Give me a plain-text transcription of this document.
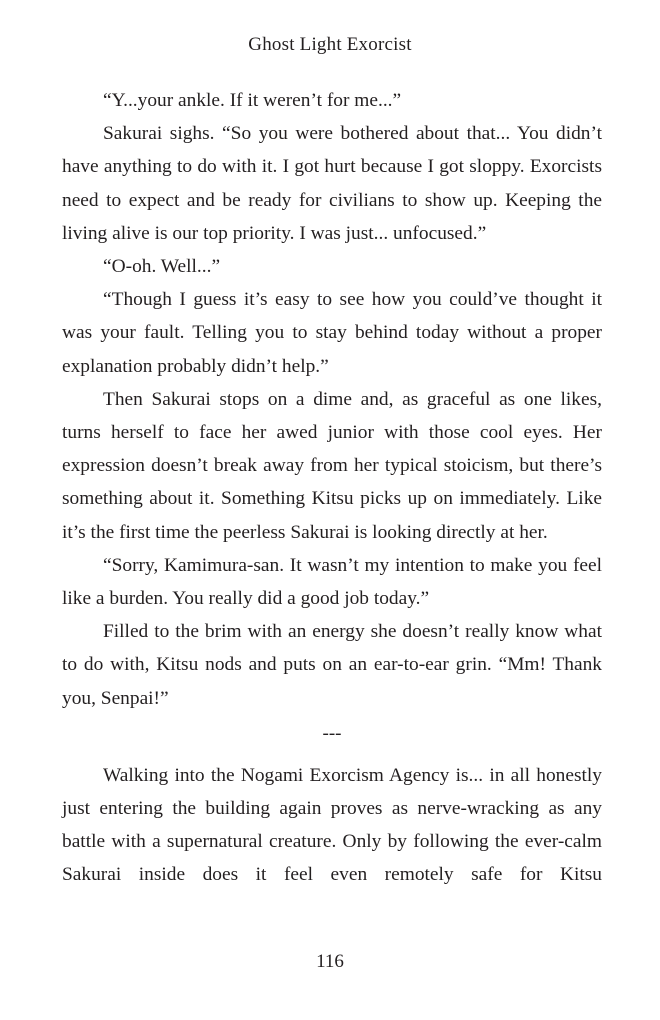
Ghost Light Exorcist

“Y...your ankle. If it weren’t for me...”

Sakurai sighs. “So you were bothered about that... You didn’t have anything to do with it. I got hurt because I got sloppy. Exorcists need to expect and be ready for civilians to show up. Keeping the living alive is our top priority. I was just... unfocused.”

“O-oh. Well...”

“Though I guess it’s easy to see how you could’ve thought it was your fault. Telling you to stay behind today without a proper explanation probably didn’t help.”

Then Sakurai stops on a dime and, as graceful as one likes, turns herself to face her awed junior with those cool eyes. Her expression doesn’t break away from her typical stoicism, but there’s something about it. Something Kitsu picks up on immediately. Like it’s the first time the peerless Sakurai is looking directly at her.

“Sorry, Kamimura-san. It wasn’t my intention to make you feel like a burden. You really did a good job today.”

Filled to the brim with an energy she doesn’t really know what to do with, Kitsu nods and puts on an ear-to-ear grin. “Mm! Thank you, Senpai!”

---

Walking into the Nogami Exorcism Agency is... in all honestly just entering the building again proves as nerve-wracking as any battle with a supernatural creature. Only by following the ever-calm Sakurai inside does it feel even remotely safe for Kitsu

116
